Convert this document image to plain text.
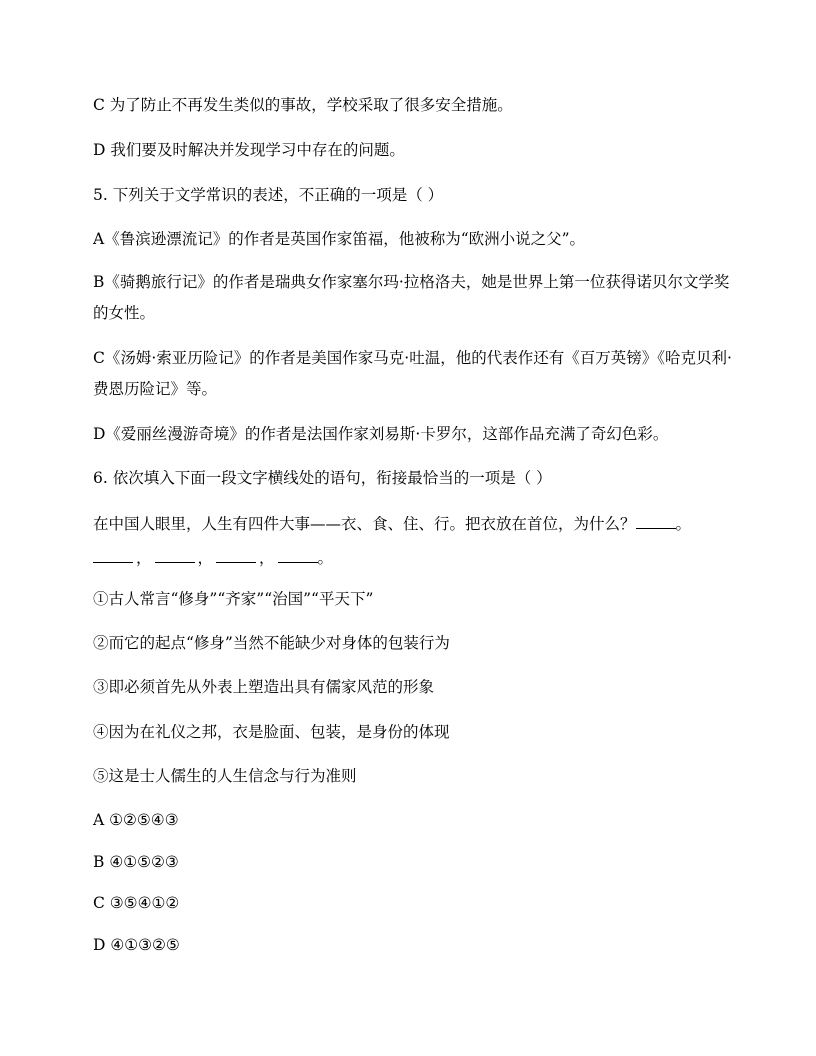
C 为了防止不再发生类似的事故，学校采取了很多安全措施。
D 我们要及时解决并发现学习中存在的问题。
5. 下列关于文学常识的表述，不正确的一项是（ ）
A《鲁滨逊漂流记》的作者是英国作家笛福，他被称为“欧洲小说之父”。
B《骑鹅旅行记》的作者是瑞典女作家塞尔玛·拉格洛夫，她是世界上第一位获得诺贝尔文学奖的女性。
C《汤姆·索亚历险记》的作者是美国作家马克·吐温，他的代表作还有《百万英镑》《哈克贝利·费恩历险记》等。
D《爱丽丝漫游奇境》的作者是法国作家刘易斯·卡罗尔，这部作品充满了奇幻色彩。
6. 依次填入下面一段文字横线处的语句，衔接最恰当的一项是（ ）
在中国人眼里，人生有四件大事——衣、食、住、行。把衣放在首位，为什么？	。
，	，	，	。
①古人常言“修身”“齐家”“治国”“平天下”
②而它的起点“修身”当然不能缺少对身体的包装行为
③即必须首先从外表上塑造出具有儒家风范的形象
④因为在礼仪之邦，衣是脸面、包装，是身份的体现
⑤这是士人儒生的人生信念与行为准则
A ①②⑤④③
B ④①⑤②③
C ③⑤④①②
D ④①③②⑤
